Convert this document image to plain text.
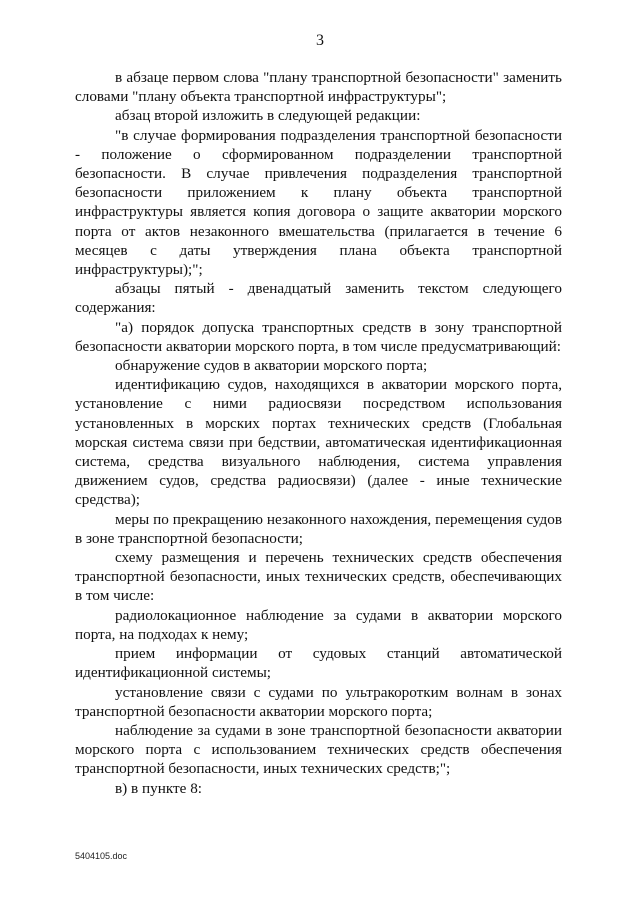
3

в абзаце первом слова "плану транспортной безопасности" заменить словами "плану объекта транспортной инфраструктуры";

абзац второй изложить в следующей редакции:

"в случае формирования подразделения транспортной безопасности - положение о сформированном подразделении транспортной безопасности. В случае привлечения подразделения транспортной безопасности приложением к плану объекта транспортной инфраструктуры является копия договора о защите акватории морского порта от актов незаконного вмешательства (прилагается в течение 6 месяцев с даты утверждения плана объекта транспортной инфраструктуры);";

абзацы пятый - двенадцатый заменить текстом следующего содержания:

"а) порядок допуска транспортных средств в зону транспортной безопасности акватории морского порта, в том числе предусматривающий:

обнаружение судов в акватории морского порта;

идентификацию судов, находящихся в акватории морского порта, установление с ними радиосвязи посредством использования установленных в морских портах технических средств (Глобальная морская система связи при бедствии, автоматическая идентификационная система, средства визуального наблюдения, система управления движением судов, средства радиосвязи) (далее - иные технические средства);

меры по прекращению незаконного нахождения, перемещения судов в зоне транспортной безопасности;

схему размещения и перечень технических средств обеспечения транспортной безопасности, иных технических средств, обеспечивающих в том числе:

радиолокационное наблюдение за судами в акватории морского порта, на подходах к нему;

прием информации от судовых станций автоматической идентификационной системы;

установление связи с судами по ультракоротким волнам в зонах транспортной безопасности акватории морского порта;

наблюдение за судами в зоне транспортной безопасности акватории морского порта с использованием технических средств обеспечения транспортной безопасности, иных технических средств;";

в) в пункте 8:

5404105.doc
